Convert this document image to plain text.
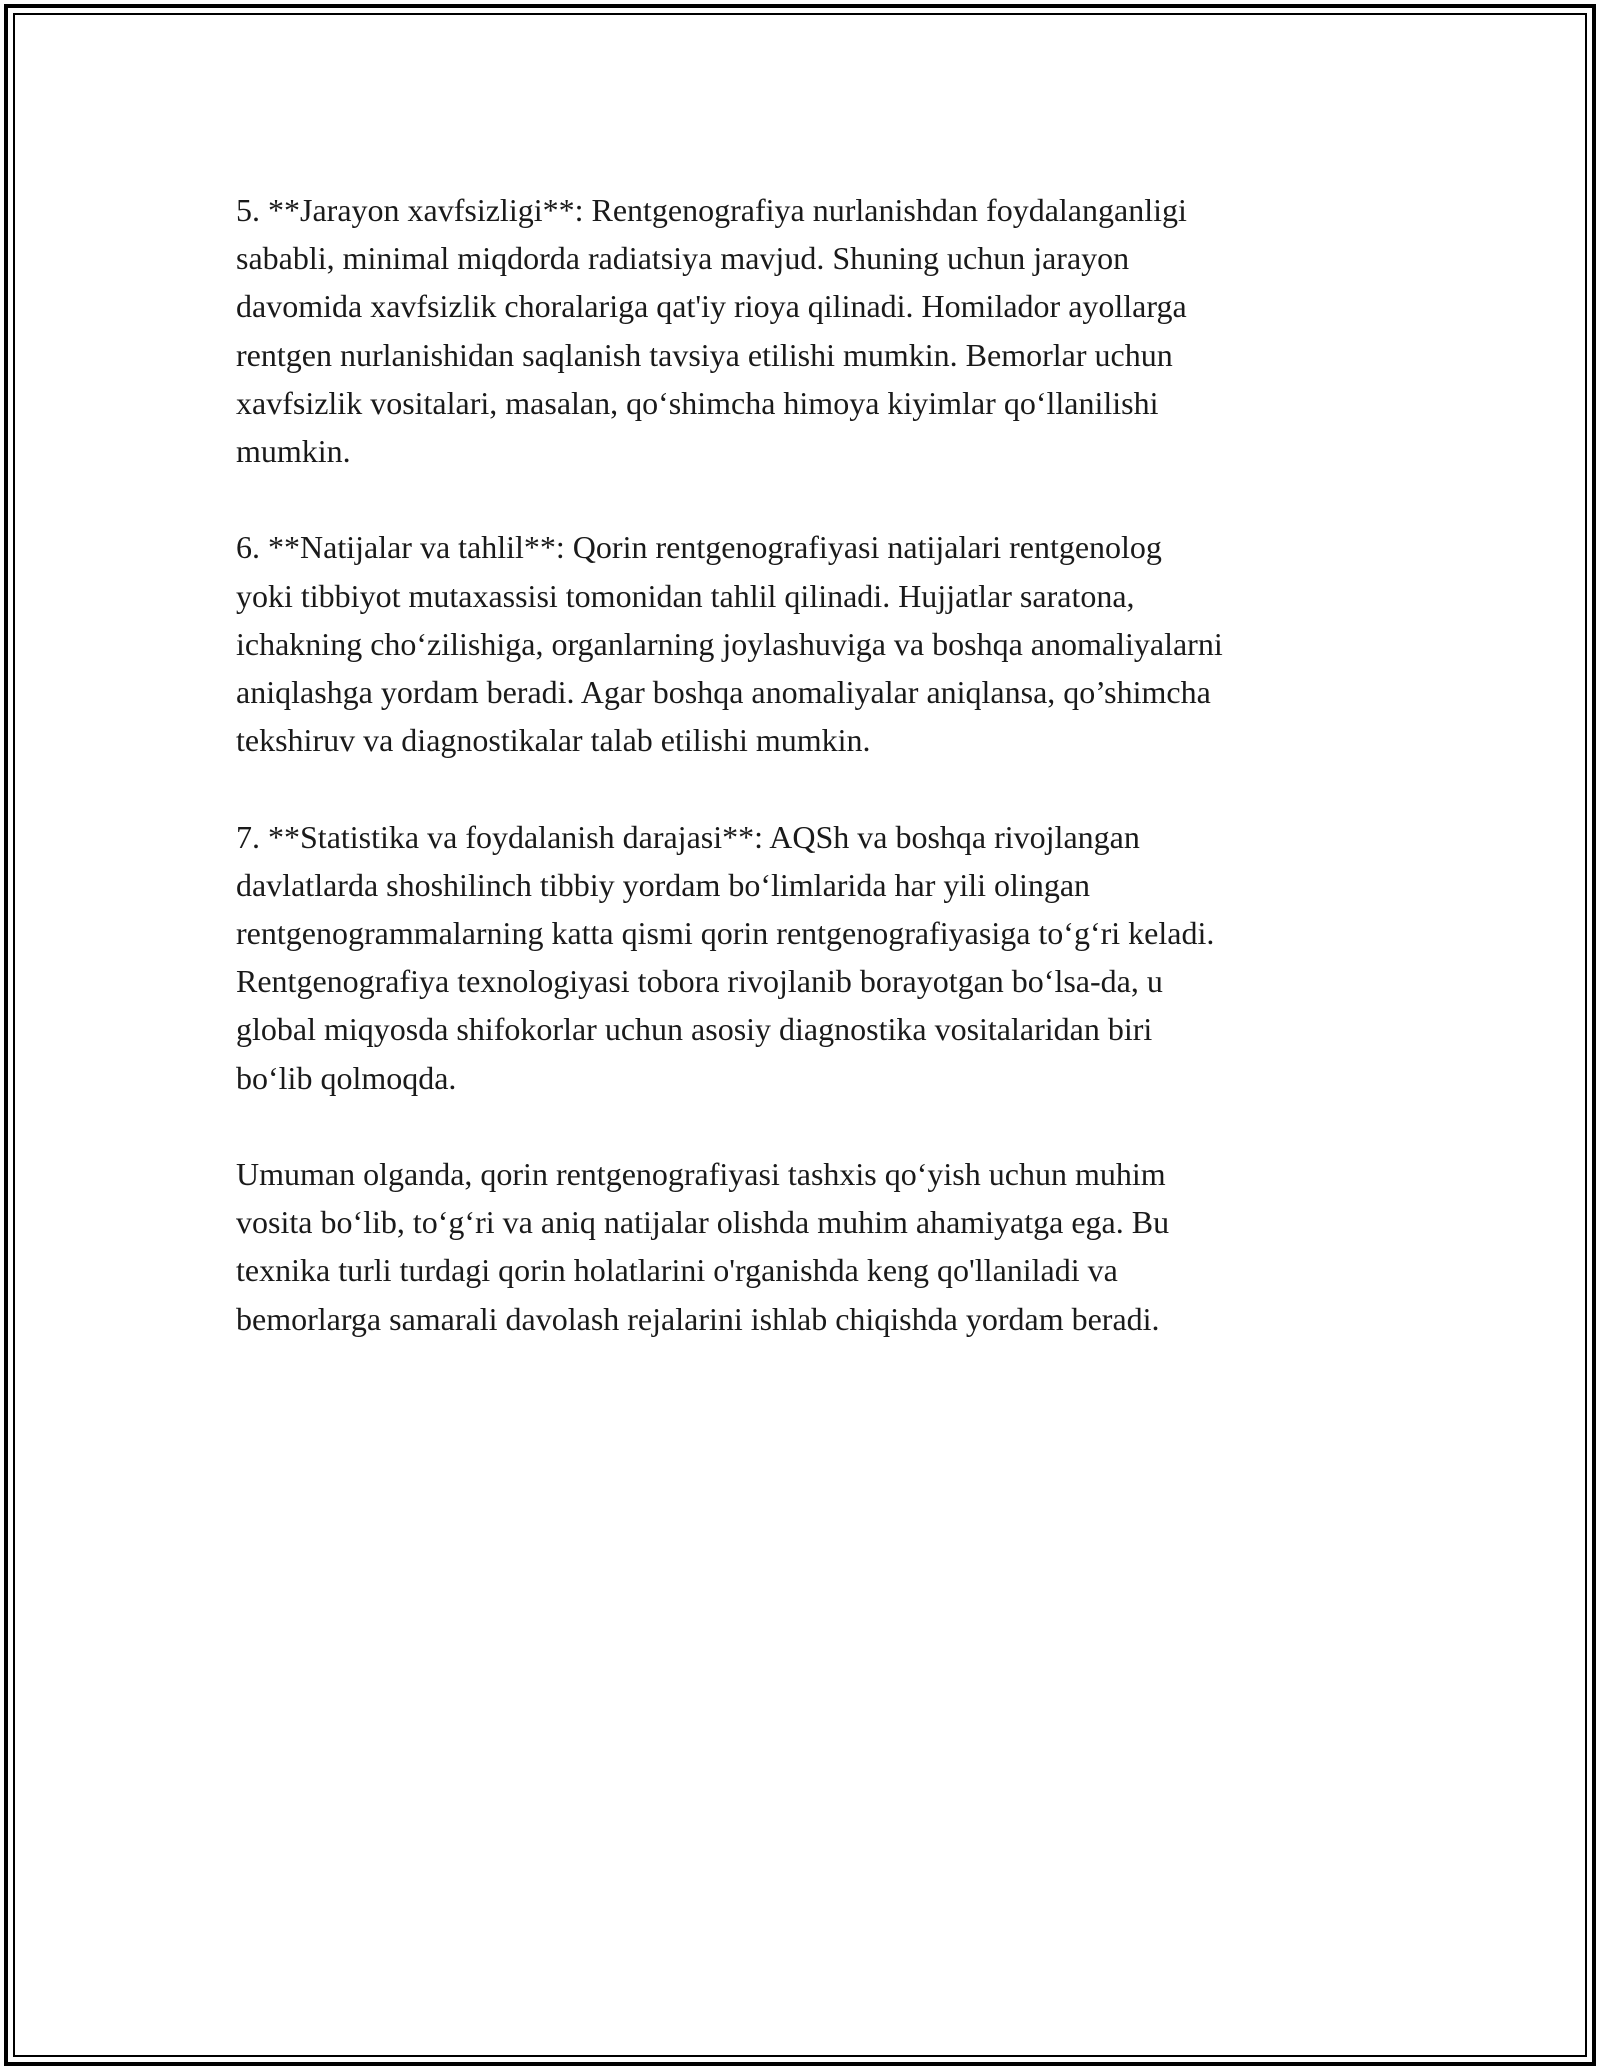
5. **Jarayon xavfsizligi**: Rentgenografiya nurlanishdan foydalanganligi
sababli, minimal miqdorda radiatsiya mavjud. Shuning uchun jarayon
davomida xavfsizlik choralariga qat'iy rioya qilinadi. Homilador ayollarga
rentgen nurlanishidan saqlanish tavsiya etilishi mumkin. Bemorlar uchun
xavfsizlik vositalari, masalan, qo‘shimcha himoya kiyimlar qo‘llanilishi
mumkin.

6. **Natijalar va tahlil**: Qorin rentgenografiyasi natijalari rentgenolog
yoki tibbiyot mutaxassisi tomonidan tahlil qilinadi. Hujjatlar saratona,
ichakning cho‘zilishiga, organlarning joylashuviga va boshqa anomaliyalarni
aniqlashga yordam beradi. Agar boshqa anomaliyalar aniqlansa, qo’shimcha
tekshiruv va diagnostikalar talab etilishi mumkin.

7. **Statistika va foydalanish darajasi**: AQSh va boshqa rivojlangan
davlatlarda shoshilinch tibbiy yordam bo‘limlarida har yili olingan
rentgenogrammalarning katta qismi qorin rentgenografiyasiga to‘g‘ri keladi.
Rentgenografiya texnologiyasi tobora rivojlanib borayotgan bo‘lsa-da, u
global miqyosda shifokorlar uchun asosiy diagnostika vositalaridan biri
bo‘lib qolmoqda.

Umuman olganda, qorin rentgenografiyasi tashxis qo‘yish uchun muhim
vosita bo‘lib, to‘g‘ri va aniq natijalar olishda muhim ahamiyatga ega. Bu
texnika turli turdagi qorin holatlarini o'rganishda keng qo'llaniladi va
bemorlarga samarali davolash rejalarini ishlab chiqishda yordam beradi.
